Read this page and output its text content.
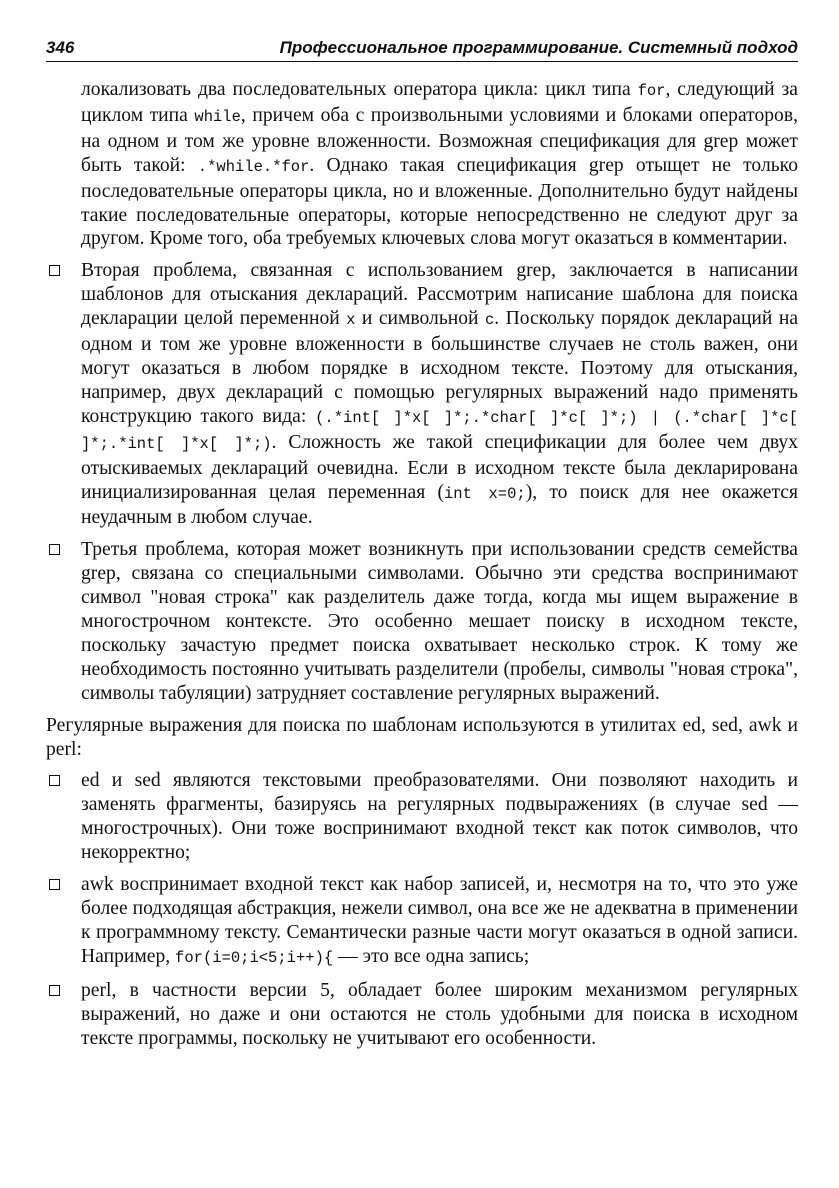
346	Профессиональное программирование. Системный подход

локализовать два последовательных оператора цикла: цикл типа for, следующий за циклом типа while, причем оба с произвольными условиями и блоками операторов, на одном и том же уровне вложенности. Возможная спецификация для grep может быть такой: .*while.*for. Однако такая спецификация grep отыщет не только последовательные операторы цикла, но и вложенные. Дополнительно будут найдены такие последовательные операторы, которые непосредственно не следуют друг за другом. Кроме того, оба требуемых ключевых слова могут оказаться в комментарии.

Вторая проблема, связанная с использованием grep, заключается в написании шаблонов для отыскания деклараций. Рассмотрим написание шаблона для поиска декларации целой переменной x и символьной c. Поскольку порядок деклараций на одном и том же уровне вложенности в большинстве случаев не столь важен, они могут оказаться в любом порядке в исходном тексте. Поэтому для отыскания, например, двух деклараций с помощью регулярных выражений надо применять конструкцию такого вида: (.*int[ ]*x[ ]*;.*char[ ]*c[ ]*;) | (.*char[ ]*c[ ]*;.*int[ ]*x[ ]*;). Сложность же такой спецификации для более чем двух отыскиваемых деклараций очевидна. Если в исходном тексте была декларирована инициализированная целая переменная (int x=0;), то поиск для нее окажется неудачным в любом случае.

Третья проблема, которая может возникнуть при использовании средств семейства grep, связана со специальными символами. Обычно эти средства воспринимают символ "новая строка" как разделитель даже тогда, когда мы ищем выражение в многострочном контексте. Это особенно мешает поиску в исходном тексте, поскольку зачастую предмет поиска охватывает несколько строк. К тому же необходимость постоянно учитывать разделители (пробелы, символы "новая строка", символы табуляции) затрудняет составление регулярных выражений.

Регулярные выражения для поиска по шаблонам используются в утилитах ed, sed, awk и perl:

ed и sed являются текстовыми преобразователями. Они позволяют находить и заменять фрагменты, базируясь на регулярных подвыражениях (в случае sed — многострочных). Они тоже воспринимают входной текст как поток символов, что некорректно;

awk воспринимает входной текст как набор записей, и, несмотря на то, что это уже более подходящая абстракция, нежели символ, она все же не адекватна в применении к программному тексту. Семантически разные части могут оказаться в одной записи. Например, for(i=0;i<5;i++){ — это все одна запись;

perl, в частности версии 5, обладает более широким механизмом регулярных выражений, но даже и они остаются не столь удобными для поиска в исходном тексте программы, поскольку не учитывают его особенности.
